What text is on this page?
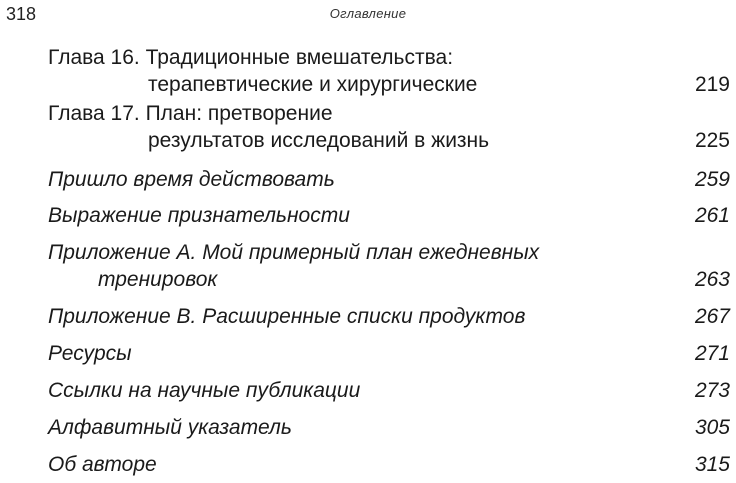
318	Оглавление
Глава 16. Традиционные вмешательства:
терапевтические и хирургические	219
Глава 17. План: претворение
результатов исследований в жизнь	225
Пришло время действовать	259
Выражение признательности	261
Приложение А. Мой примерный план ежедневных
тренировок	263
Приложение В. Расширенные списки продуктов	267
Ресурсы	271
Ссылки на научные публикации	273
Алфавитный указатель	305
Об авторе	315
